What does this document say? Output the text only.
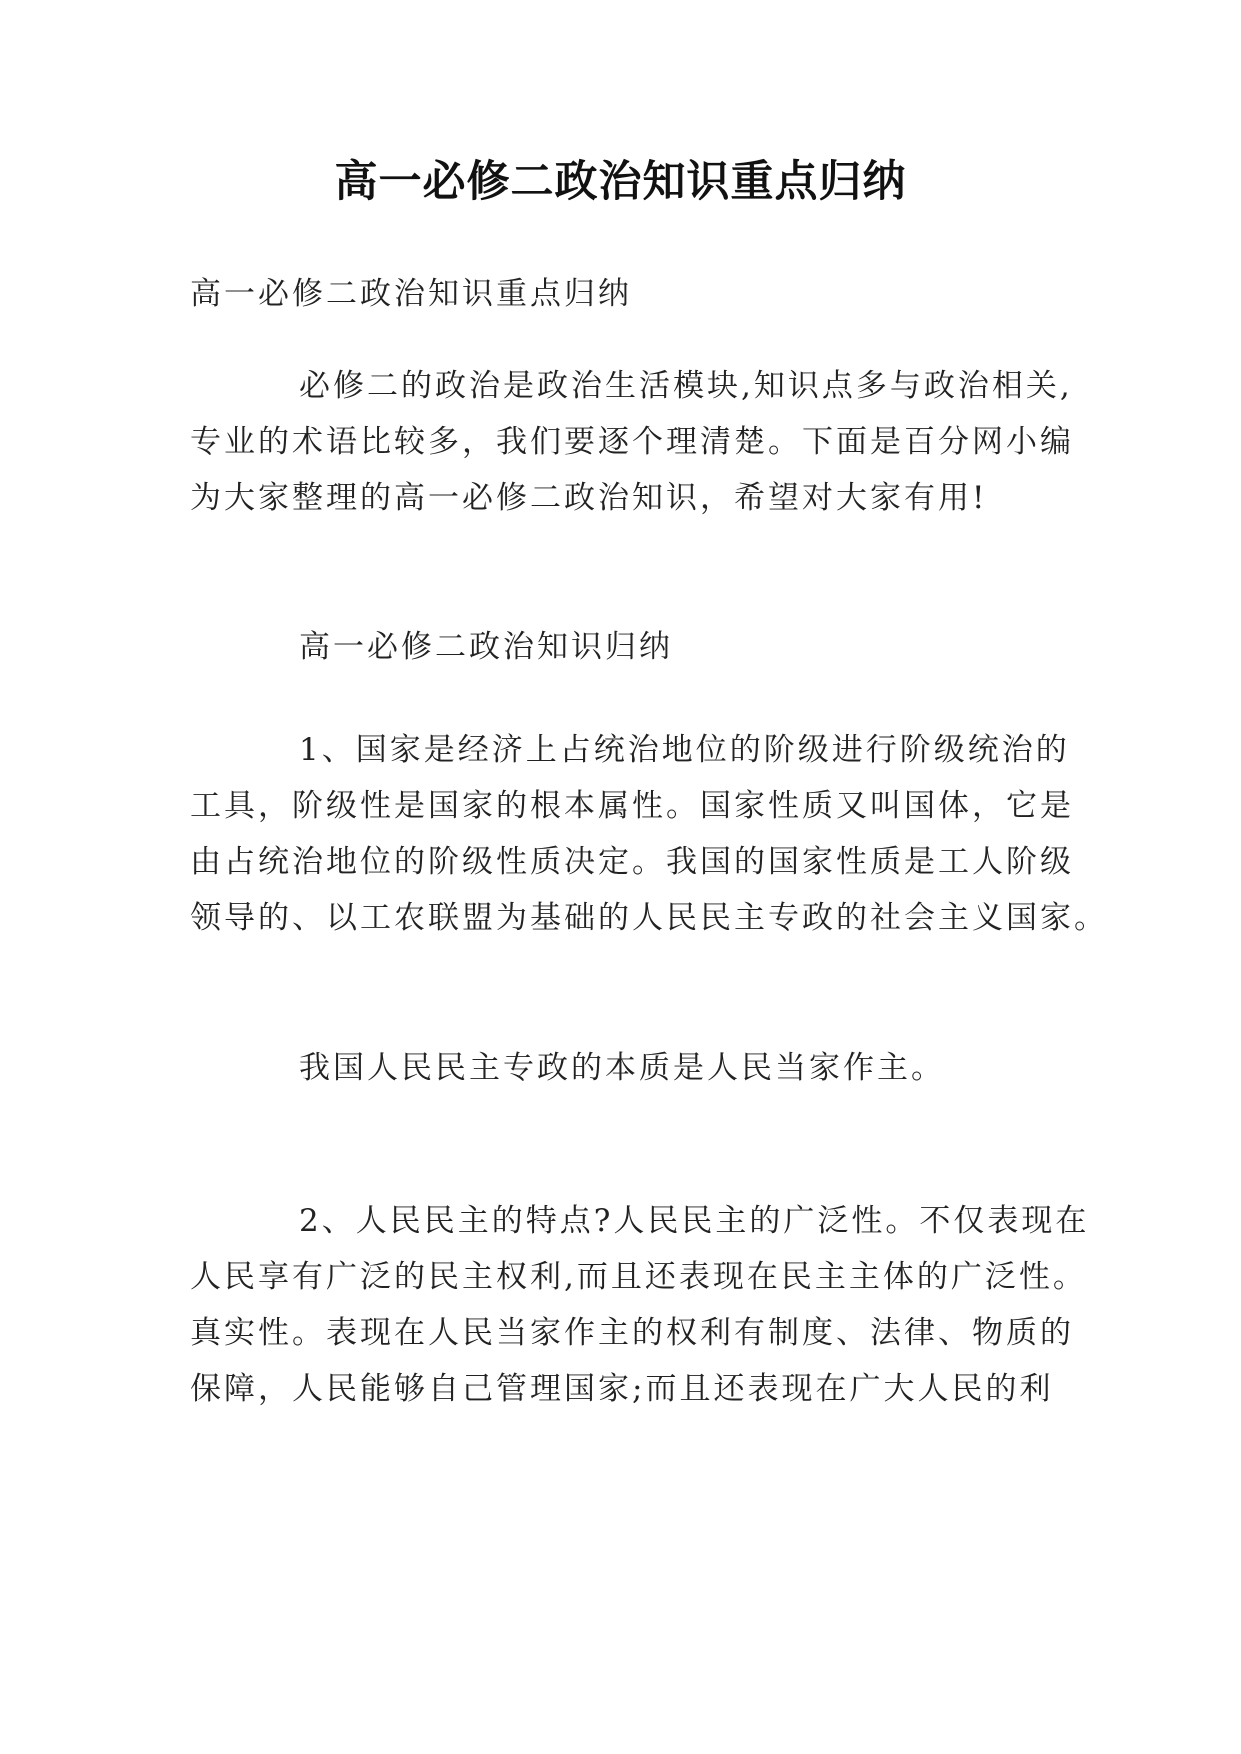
高一必修二政治知识重点归纳
高一必修二政治知识重点归纳
必修二的政治是政治生活模块,知识点多与政治相关,
专业的术语比较多，我们要逐个理清楚。下面是百分网小编
为大家整理的高一必修二政治知识，希望对大家有用!
高一必修二政治知识归纳
1、国家是经济上占统治地位的阶级进行阶级统治的
工具，阶级性是国家的根本属性。国家性质又叫国体，它是
由占统治地位的阶级性质决定。我国的国家性质是工人阶级
领导的、以工农联盟为基础的人民民主专政的社会主义国家。
我国人民民主专政的本质是人民当家作主。
2、人民民主的特点?人民民主的广泛性。不仅表现在
人民享有广泛的民主权利,而且还表现在民主主体的广泛性。
真实性。表现在人民当家作主的权利有制度、法律、物质的
保障，人民能够自己管理国家;而且还表现在广大人民的利
